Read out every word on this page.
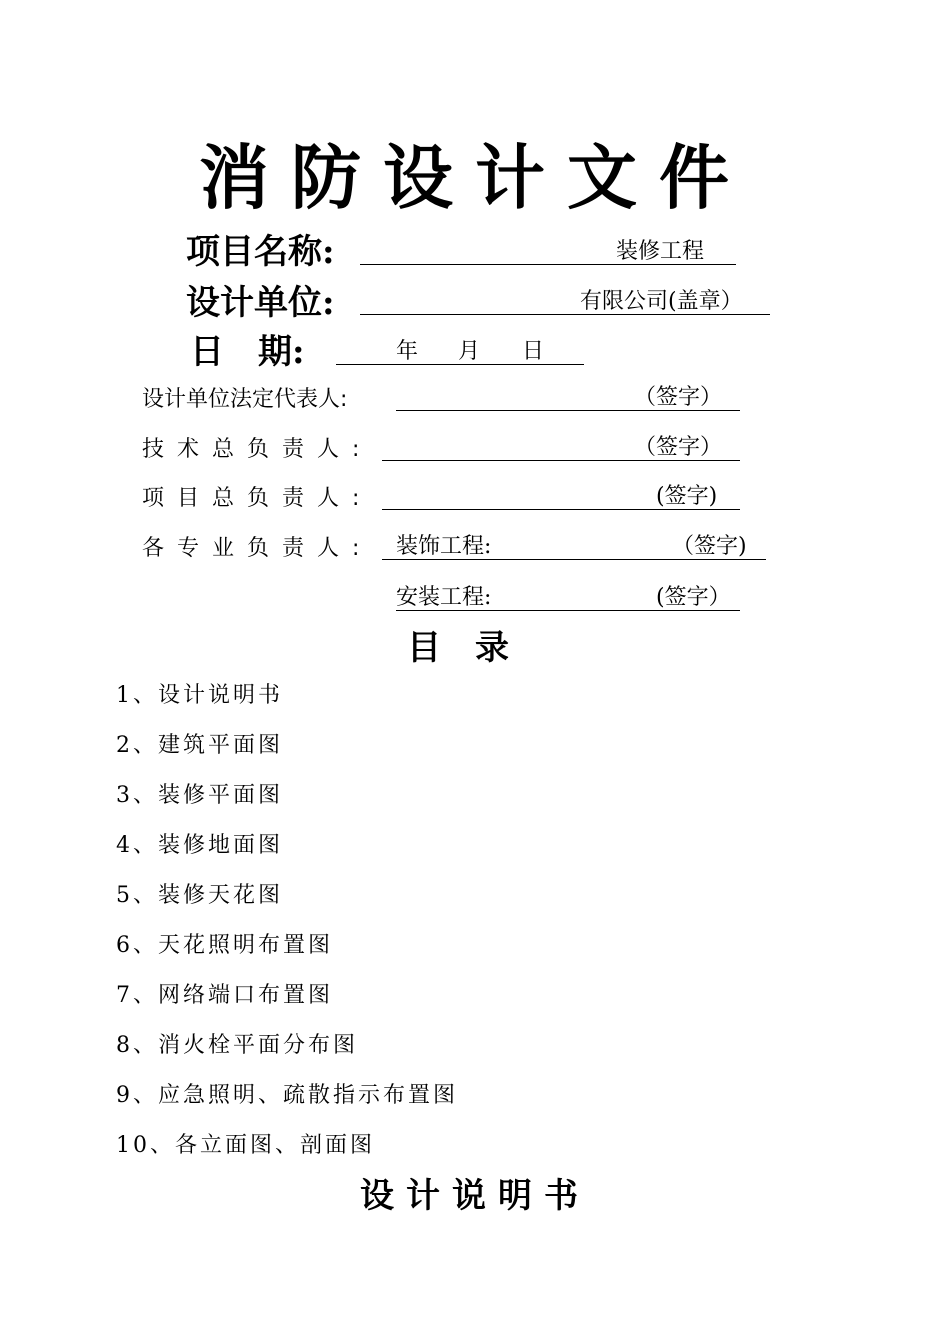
消防设计文件
项目名称:	装修工程
设计单位:	有限公司(盖章）
日　期:	年 月 日
设计单位法定代表人:	（签字）
技术总负责人:	（签字）
项目总负责人:	(签字)
各专业负责人: 装饰工程:	（签字)
安装工程:	(签字）
目录
1、设计说明书
2、建筑平面图
3、装修平面图
4、装修地面图
5、装修天花图
6、天花照明布置图
7、网络端口布置图
8、消火栓平面分布图
9、应急照明、疏散指示布置图
10、各立面图、剖面图
设计说明书
